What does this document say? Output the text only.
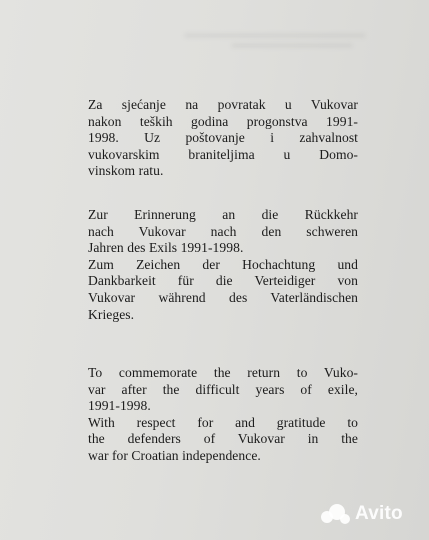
Za sjećanje na povratak u Vukovar
nakon teških godina progonstva 1991-
1998. Uz poštovanje i zahvalnost
vukovarskim braniteljima u Domo-
vinskom ratu.
Zur Erinnerung an die Rückkehr
nach Vukovar nach den schweren
Jahren des Exils 1991-1998.
Zum Zeichen der Hochachtung und
Dankbarkeit für die Verteidiger von
Vukovar während des Vaterländischen
Krieges.
To commemorate the return to Vuko-
var after the difficult years of exile,
1991-1998.
With respect for and gratitude to
the defenders of Vukovar in the
war for Croatian independence.
Avito
